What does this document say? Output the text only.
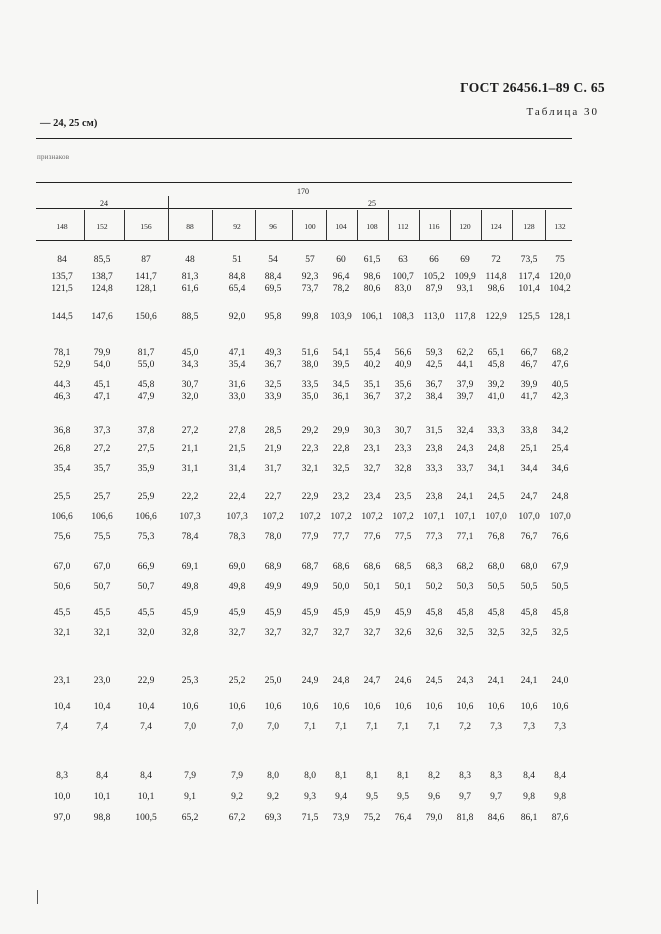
ГОСТ 26456.1–89 С. 65
Таблица 30
— 24, 25 см)
признаков
170
24	25
148	152	156	88	92	96	100	104	108	112	116	120	124	128	132
84	85,5	87	48	51	54	57	60	61,5	63	66	69	72	73,5	75
135,7	138,7	141,7	81,3	84,8	88,4	92,3	96,4	98,6	100,7	105,2	109,9	114,8	117,4	120,0
121,5	124,8	128,1	61,6	65,4	69,5	73,7	78,2	80,6	83,0	87,9	93,1	98,6	101,4	104,2
144,5	147,6	150,6	88,5	92,0	95,8	99,8	103,9	106,1	108,3	113,0	117,8	122,9	125,5	128,1
78,1	79,9	81,7	45,0	47,1	49,3	51,6	54,1	55,4	56,6	59,3	62,2	65,1	66,7	68,2
52,9	54,0	55,0	34,3	35,4	36,7	38,0	39,5	40,2	40,9	42,5	44,1	45,8	46,7	47,6
44,3	45,1	45,8	30,7	31,6	32,5	33,5	34,5	35,1	35,6	36,7	37,9	39,2	39,9	40,5
46,3	47,1	47,9	32,0	33,0	33,9	35,0	36,1	36,7	37,2	38,4	39,7	41,0	41,7	42,3
36,8	37,3	37,8	27,2	27,8	28,5	29,2	29,9	30,3	30,7	31,5	32,4	33,3	33,8	34,2
26,8	27,2	27,5	21,1	21,5	21,9	22,3	22,8	23,1	23,3	23,8	24,3	24,8	25,1	25,4
35,4	35,7	35,9	31,1	31,4	31,7	32,1	32,5	32,7	32,8	33,3	33,7	34,1	34,4	34,6
25,5	25,7	25,9	22,2	22,4	22,7	22,9	23,2	23,4	23,5	23,8	24,1	24,5	24,7	24,8
106,6	106,6	106,6	107,3	107,3	107,2	107,2	107,2	107,2	107,2	107,1	107,1	107,0	107,0	107,0
75,6	75,5	75,3	78,4	78,3	78,0	77,9	77,7	77,6	77,5	77,3	77,1	76,8	76,7	76,6
67,0	67,0	66,9	69,1	69,0	68,9	68,7	68,6	68,6	68,5	68,3	68,2	68,0	68,0	67,9
50,6	50,7	50,7	49,8	49,8	49,9	49,9	50,0	50,1	50,1	50,2	50,3	50,5	50,5	50,5
45,5	45,5	45,5	45,9	45,9	45,9	45,9	45,9	45,9	45,9	45,8	45,8	45,8	45,8	45,8
32,1	32,1	32,0	32,8	32,7	32,7	32,7	32,7	32,7	32,6	32,6	32,5	32,5	32,5	32,5
23,1	23,0	22,9	25,3	25,2	25,0	24,9	24,8	24,7	24,6	24,5	24,3	24,1	24,1	24,0
10,4	10,4	10,4	10,6	10,6	10,6	10,6	10,6	10,6	10,6	10,6	10,6	10,6	10,6	10,6
7,4	7,4	7,4	7,0	7,0	7,0	7,1	7,1	7,1	7,1	7,1	7,2	7,3	7,3	7,3
8,3	8,4	8,4	7,9	7,9	8,0	8,0	8,1	8,1	8,1	8,2	8,3	8,3	8,4	8,4
10,0	10,1	10,1	9,1	9,2	9,2	9,3	9,4	9,5	9,5	9,6	9,7	9,7	9,8	9,8
97,0	98,8	100,5	65,2	67,2	69,3	71,5	73,9	75,2	76,4	79,0	81,8	84,6	86,1	87,6
